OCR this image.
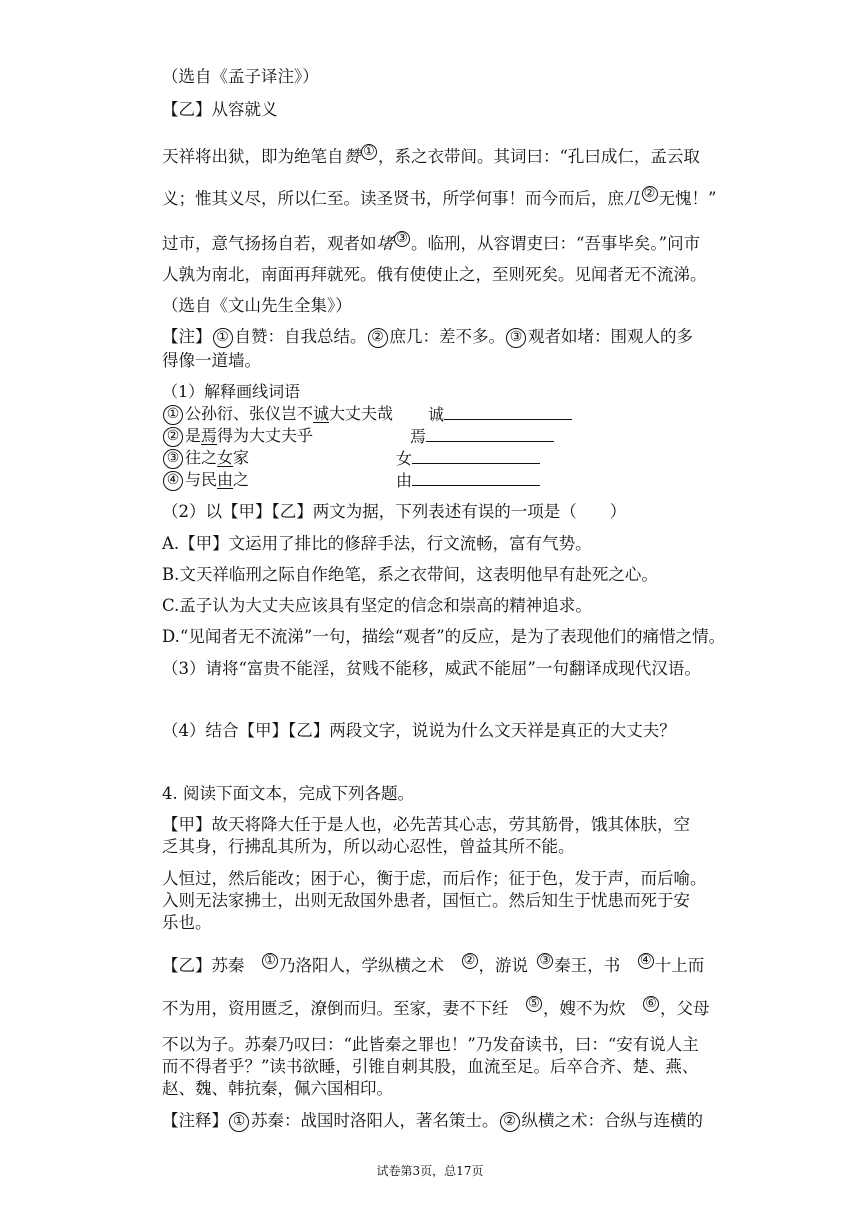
（选自《孟子译注》）
【乙】从容就义
天祥将出狱，即为绝笔自赞 ① ，系之衣带间。其词曰：“孔曰成仁，孟云取
义；惟其义尽，所以仁至。读圣贤书，所学何事！而今而后，庶几 ② 无愧！”
过市，意气扬扬自若，观者如堵 ③ 。临刑，从容谓吏曰：“吾事毕矣。”问市
人孰为南北，南面再拜就死。俄有使使止之，至则死矣。见闻者无不流涕。
（选自《文山先生全集》）
【注】 ① 自赞：自我总结。 ② 庶几：差不多。 ③ 观者如堵：围观人的多
得像一道墙。
（1）解释画线词语
① 公孙衍、张仪岂不诚大丈夫哉 诚
② 是焉得为大丈夫乎	焉
③ 往之女家	女
④ 与民由之	由
（2）以【甲】【乙】两文为据，下列表述有误的一项是（　　）
A.【甲】文运用了排比的修辞手法，行文流畅，富有气势。
B.文天祥临刑之际自作绝笔，系之衣带间，这表明他早有赴死之心。
C.孟子认为大丈夫应该具有坚定的信念和崇高的精神追求。
D.“见闻者无不流涕”一句，描绘“观者”的反应，是为了表现他们的痛惜之情。
（3）请将“富贵不能淫，贫贱不能移，威武不能屈”一句翻译成现代汉语。
（4）结合【甲】【乙】两段文字，说说为什么文天祥是真正的大丈夫？
4. 阅读下面文本，完成下列各题。
【甲】故天将降大任于是人也，必先苦其心志，劳其筋骨，饿其体肤，空
乏其身，行拂乱其所为，所以动心忍性，曾益其所不能。
人恒过，然后能改；困于心，衡于虑，而后作；征于色，发于声，而后喻。
入则无法家拂士，出则无敌国外患者，国恒亡。然后知生于忧患而死于安
乐也。
【乙】苏秦  ① 乃洛阳人，学纵横之术  ② ，游说  ③ 秦王，书  ④ 十上而
不为用，资用匮乏，潦倒而归。至家，妻不下纴  ⑤ ，嫂不为炊  ⑥ ，父母
不以为子。苏秦乃叹曰：“此皆秦之罪也！”乃发奋读书，曰：“安有说人主
而不得者乎？”读书欲睡，引锥自刺其股，血流至足。后卒合齐、楚、燕、
赵、魏、韩抗秦，佩六国相印。
【注释】 ① 苏秦：战国时洛阳人，著名策士。 ② 纵横之术：合纵与连横的
试卷第3页，总17页
